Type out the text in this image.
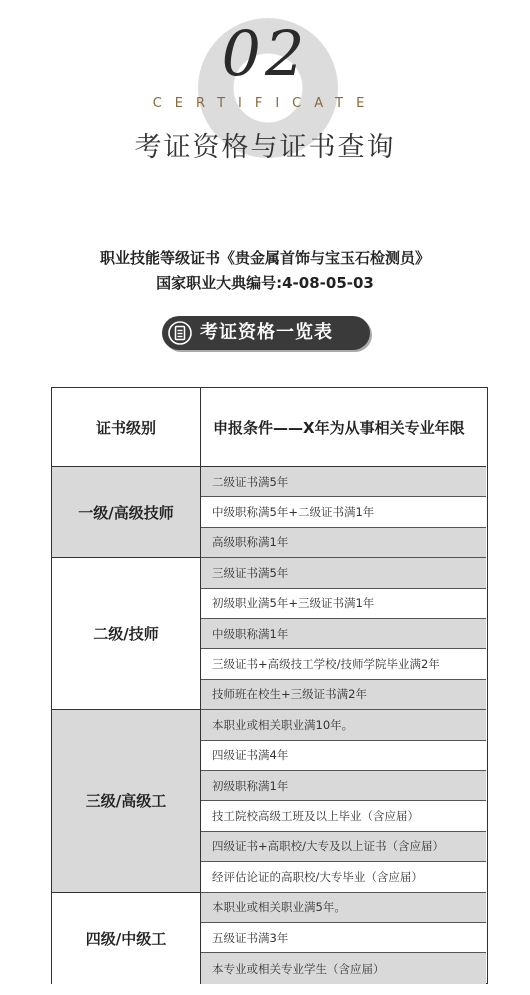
02
CERTIFICATE
考证资格与证书查询
职业技能等级证书《贵金属首饰与宝玉石检测员》
国家职业大典编号:4-08-05-03
考证资格一览表
证书级别	申报条件——X年为从事相关专业年限
一级/高级技师
二级证书满5年
中级职称满5年+二级证书满1年
高级职称满1年
二级/技师
三级证书满5年
初级职业满5年+三级证书满1年
中级职称满1年
三级证书+高级技工学校/技师学院毕业满2年
技师班在校生+三级证书满2年
三级/高级工
本职业或相关职业满10年。
四级证书满4年
初级职称满1年
技工院校高级工班及以上毕业（含应届）
四级证书+高职校/大专及以上证书（含应届）
经评估论证的高职校/大专毕业（含应届）
四级/中级工
本职业或相关职业满5年。
五级证书满3年
本专业或相关专业学生（含应届）
